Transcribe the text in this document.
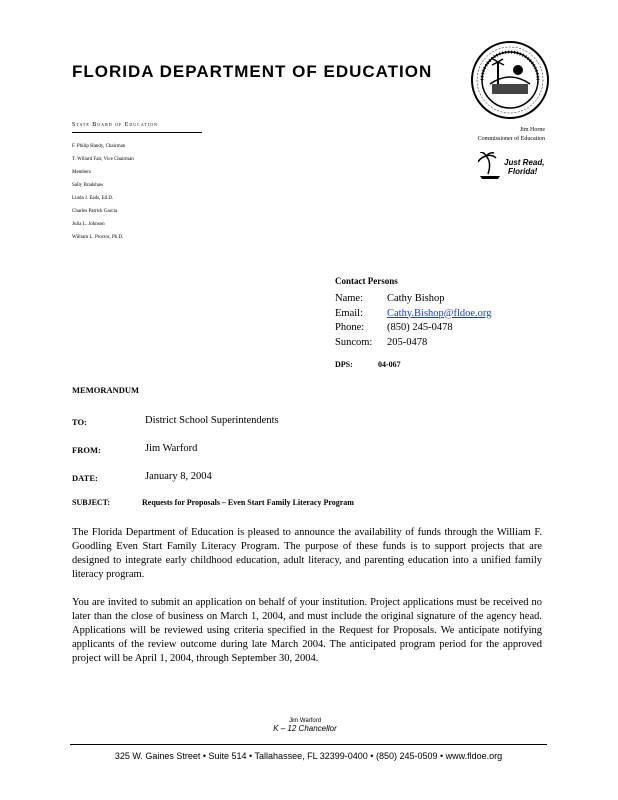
FLORIDA DEPARTMENT OF EDUCATION
State Board of Education
F. Philip Handy, Chairman
T. Willard Fair, Vice Chairman
Members
Sally Bradshaw
Linda J. Eads, Ed.D.
Charles Patrick Garcia
Julia L. Johnson
William L. Proctor, Ph.D.
Jim Horne
Commissioner of Education
Just Read,
Florida!
Contact Persons
Name:	Cathy Bishop
Email:	Cathy.Bishop@fldoe.org
Phone:	(850) 245-0478
Suncom:	205-0478
DPS:	04-067
MEMORANDUM
TO:	District School Superintendents
FROM:	Jim Warford
DATE:	January 8, 2004
SUBJECT:	Requests for Proposals – Even Start Family Literacy Program
The Florida Department of Education is pleased to announce the availability of funds through the William F. Goodling Even Start Family Literacy Program. The purpose of these funds is to support projects that are designed to integrate early childhood education, adult literacy, and parenting education into a unified family literacy program.
You are invited to submit an application on behalf of your institution. Project applications must be received no later than the close of business on March 1, 2004, and must include the original signature of the agency head. Applications will be reviewed using criteria specified in the Request for Proposals. We anticipate notifying applicants of the review outcome during late March 2004. The anticipated program period for the approved project will be April 1, 2004, through September 30, 2004.
Jim Warford
K – 12 Chancellor
325 W. Gaines Street • Suite 514 • Tallahassee, FL 32399-0400 • (850) 245-0509 • www.fldoe.org
